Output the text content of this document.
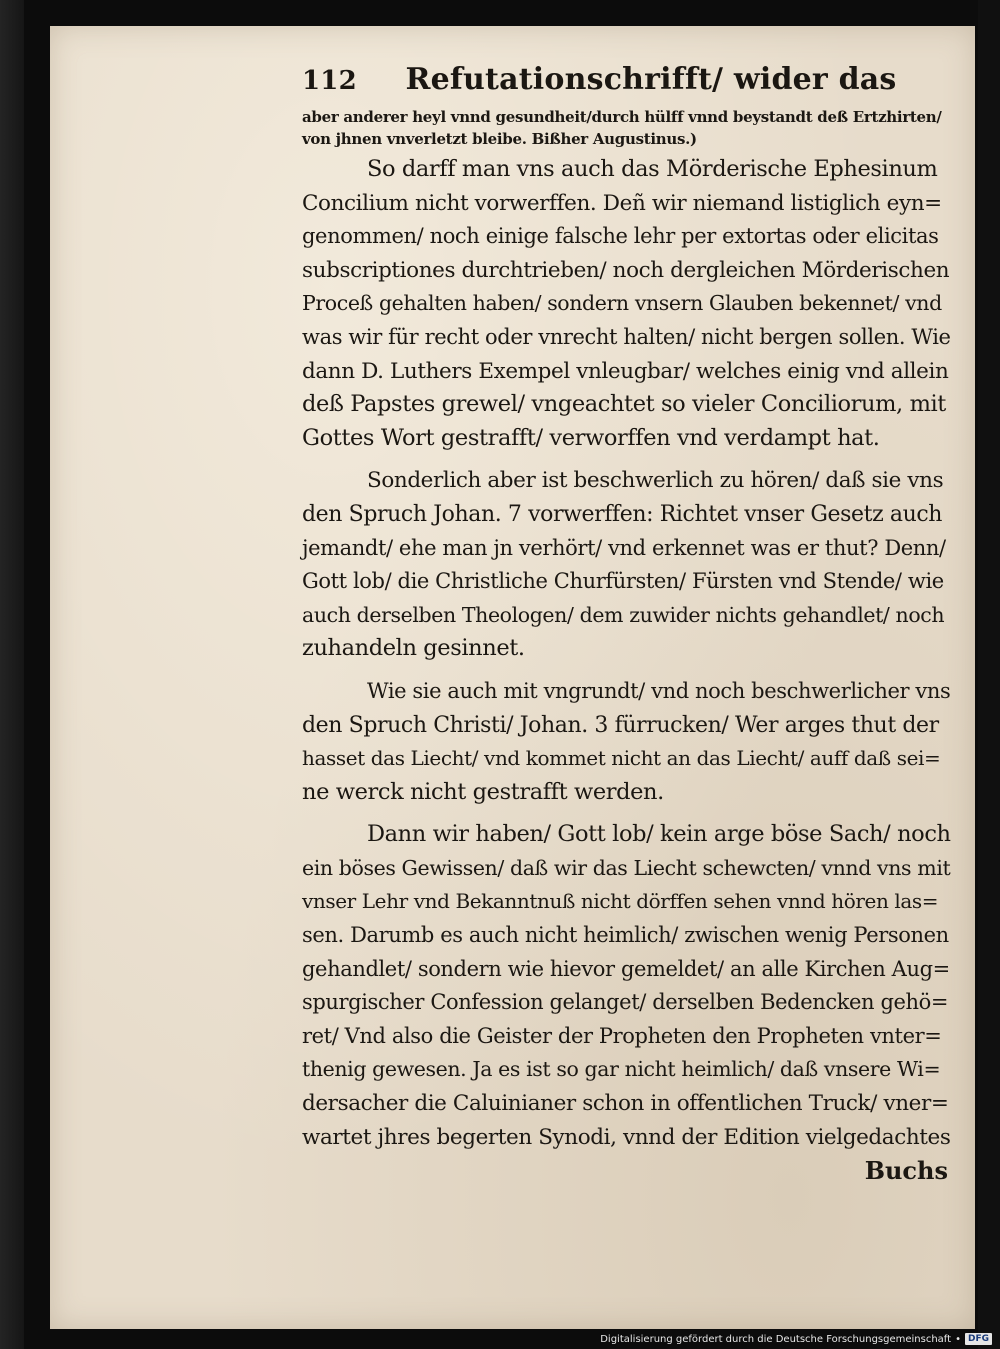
112	Refutationschrifft/ wider das
aber anderer heyl vnnd gesundheit/durch hülff vnnd beystandt deß Ertzhirten/
von jhnen vnverletzt bleibe. Bißher Augustinus.)
So darff man vns auch das Mörderische Ephesinum
Concilium nicht vorwerffen. Deñ wir niemand listiglich eyn=
genommen/ noch einige falsche lehr per extortas oder elicitas
subscriptiones durchtrieben/ noch dergleichen Mörderischen
Proceß gehalten haben/ sondern vnsern Glauben bekennet/ vnd
was wir für recht oder vnrecht halten/ nicht bergen sollen. Wie
dann D. Luthers Exempel vnleugbar/ welches einig vnd allein
deß Papstes grewel/ vngeachtet so vieler Conciliorum, mit
Gottes Wort gestrafft/ verworffen vnd verdampt hat.
Sonderlich aber ist beschwerlich zu hören/ daß sie vns
den Spruch Johan. 7 vorwerffen: Richtet vnser Gesetz auch
jemandt/ ehe man jn verhört/ vnd erkennet was er thut? Denn/
Gott lob/ die Christliche Churfürsten/ Fürsten vnd Stende/ wie
auch derselben Theologen/ dem zuwider nichts gehandlet/ noch
zuhandeln gesinnet.
Wie sie auch mit vngrundt/ vnd noch beschwerlicher vns
den Spruch Christi/ Johan. 3 fürrucken/ Wer arges thut der
hasset das Liecht/ vnd kommet nicht an das Liecht/ auff daß sei=
ne werck nicht gestrafft werden.
Dann wir haben/ Gott lob/ kein arge böse Sach/ noch
ein böses Gewissen/ daß wir das Liecht schewcten/ vnnd vns mit
vnser Lehr vnd Bekanntnuß nicht dörffen sehen vnnd hören las=
sen. Darumb es auch nicht heimlich/ zwischen wenig Personen
gehandlet/ sondern wie hievor gemeldet/ an alle Kirchen Aug=
spurgischer Confession gelanget/ derselben Bedencken gehö=
ret/ Vnd also die Geister der Propheten den Propheten vnter=
thenig gewesen. Ja es ist so gar nicht heimlich/ daß vnsere Wi=
dersacher die Caluinianer schon in offentlichen Truck/ vner=
wartet jhres begerten Synodi, vnnd der Edition vielgedachtes
Buchs
Digitalisierung gefördert durch die Deutsche Forschungsgemeinschaft • DFG
